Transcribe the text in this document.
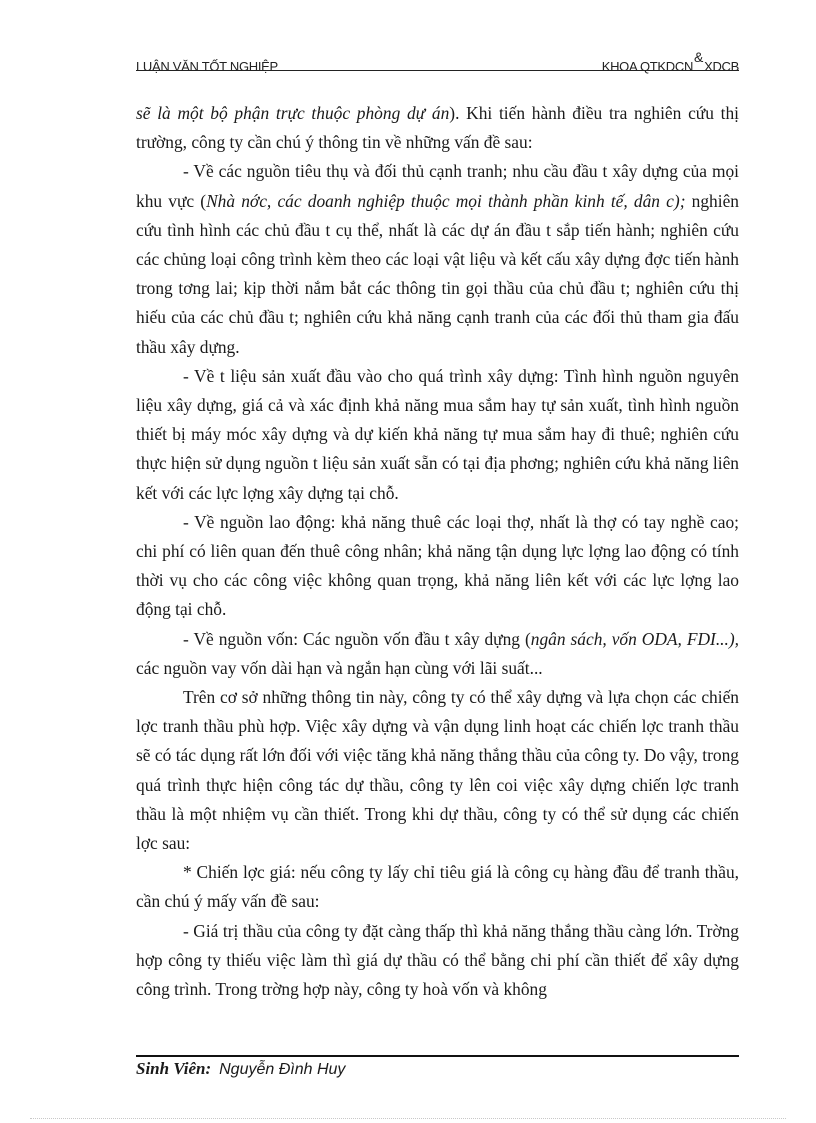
LUẬN VĂN TỐT NGHIỆP	KHOA QTKDCN&XDCB

sẽ là một bộ phận trực thuộc phòng dự án). Khi tiến hành điều tra nghiên cứu thị trường, công ty cần chú ý thông tin về những vấn đề sau:

- Về các nguồn tiêu thụ và đối thủ cạnh tranh; nhu cầu đầu t xây dựng của mọi khu vực (Nhà nớc, các doanh nghiệp thuộc mọi thành phần kinh tế, dân c); nghiên cứu tình hình các chủ đầu t cụ thể, nhất là các dự án đầu t sắp tiến hành; nghiên cứu các chủng loại công trình kèm theo các loại vật liệu và kết cấu xây dựng đợc tiến hành trong tơng lai; kịp thời nắm bắt các thông tin gọi thầu của chủ đầu t; nghiên cứu thị hiếu của các chủ đầu t; nghiên cứu khả năng cạnh tranh của các đối thủ tham gia đấu thầu xây dựng.

- Về t liệu sản xuất đầu vào cho quá trình xây dựng: Tình hình nguồn nguyên liệu xây dựng, giá cả và xác định khả năng mua sắm hay tự sản xuất, tình hình nguồn thiết bị máy móc xây dựng và dự kiến khả năng tự mua sắm hay đi thuê; nghiên cứu thực hiện sử dụng nguồn t liệu sản xuất sẵn có tại địa phơng; nghiên cứu khả năng liên kết với các lực lợng xây dựng tại chỗ.

- Về nguồn lao động: khả năng thuê các loại thợ, nhất là thợ có tay nghề cao; chi phí có liên quan đến thuê công nhân; khả năng tận dụng lực lợng lao động có tính thời vụ cho các công việc không quan trọng, khả năng liên kết với các lực lợng lao động tại chỗ.

- Về nguồn vốn: Các nguồn vốn đầu t xây dựng (ngân sách, vốn ODA, FDI...), các nguồn vay vốn dài hạn và ngắn hạn cùng với lãi suất...

Trên cơ sở những thông tin này, công ty có thể xây dựng và lựa chọn các chiến lợc tranh thầu phù hợp. Việc xây dựng và vận dụng linh hoạt các chiến lợc tranh thầu sẽ có tác dụng rất lớn đối với việc tăng khả năng thắng thầu của công ty. Do vậy, trong quá trình thực hiện công tác dự thầu, công ty lên coi việc xây dựng chiến lợc tranh thầu là một nhiệm vụ cần thiết. Trong khi dự thầu, công ty có thể sử dụng các chiến lợc sau:

* Chiến lợc giá: nếu công ty lấy chỉ tiêu giá là công cụ hàng đầu để tranh thầu, cần chú ý mấy vấn đề sau:

- Giá trị thầu của công ty đặt càng thấp thì khả năng thắng thầu càng lớn. Trờng hợp công ty thiếu việc làm thì giá dự thầu có thể bằng chi phí cần thiết để xây dựng công trình. Trong trờng hợp này, công ty hoà vốn và không

Sinh Viên: Nguyễn Đình Huy
